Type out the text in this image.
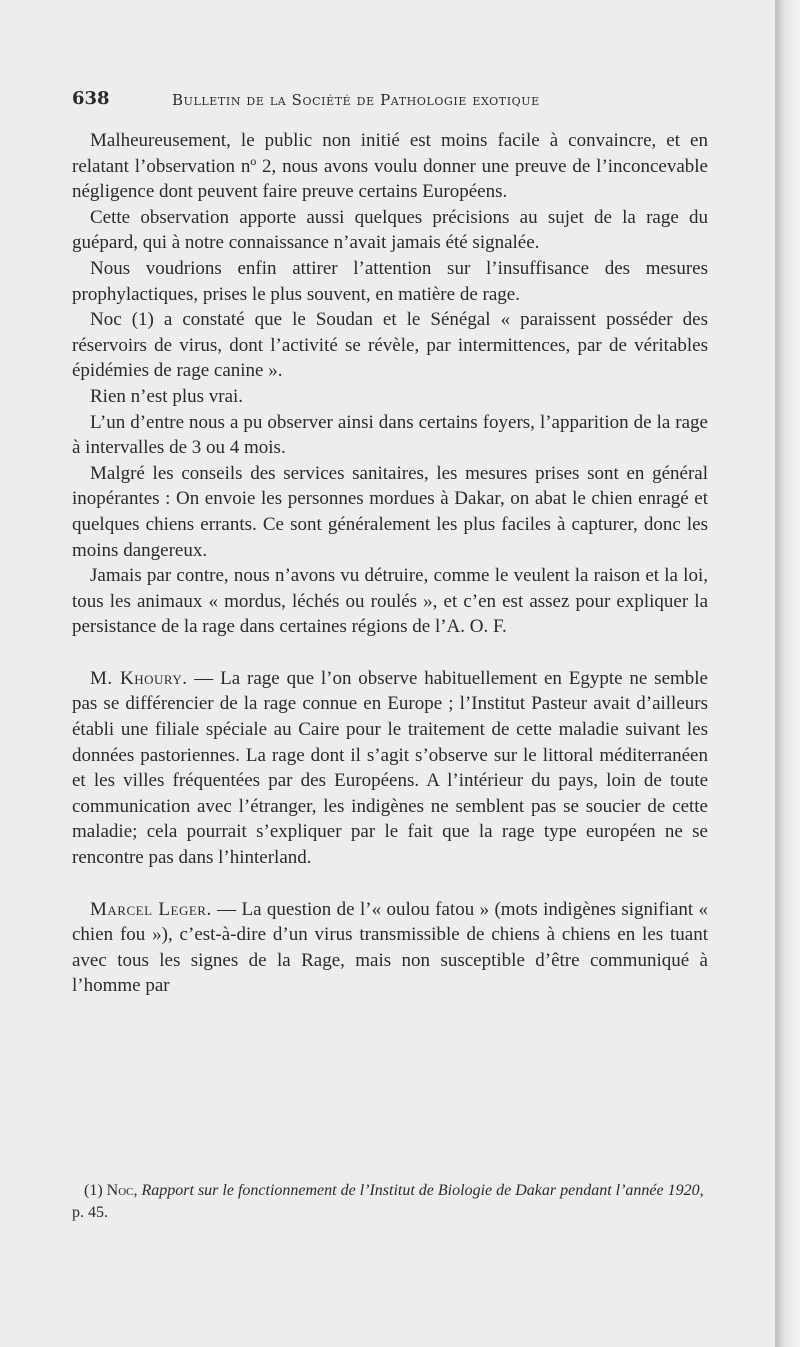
638	Bulletin de la Société de Pathologie exotique

Malheureusement, le public non initié est moins facile à convaincre, et en relatant l’observation nº 2, nous avons voulu donner une preuve de l’inconcevable négligence dont peuvent faire preuve certains Européens.

Cette observation apporte aussi quelques précisions au sujet de la rage du guépard, qui à notre connaissance n’avait jamais été signalée.

Nous voudrions enfin attirer l’attention sur l’insuffisance des mesures prophylactiques, prises le plus souvent, en matière de rage.

Noc (1) a constaté que le Soudan et le Sénégal « paraissent posséder des réservoirs de virus, dont l’activité se révèle, par intermittences, par de véritables épidémies de rage canine ».

Rien n’est plus vrai.

L’un d’entre nous a pu observer ainsi dans certains foyers, l’apparition de la rage à intervalles de 3 ou 4 mois.

Malgré les conseils des services sanitaires, les mesures prises sont en général inopérantes : On envoie les personnes mordues à Dakar, on abat le chien enragé et quelques chiens errants. Ce sont généralement les plus faciles à capturer, donc les moins dangereux.

Jamais par contre, nous n’avons vu détruire, comme le veulent la raison et la loi, tous les animaux « mordus, léchés ou roulés », et c’en est assez pour expliquer la persistance de la rage dans certaines régions de l’A. O. F.

M. Khoury. — La rage que l’on observe habituellement en Egypte ne semble pas se différencier de la rage connue en Europe ; l’Institut Pasteur avait d’ailleurs établi une filiale spéciale au Caire pour le traitement de cette maladie suivant les données pastoriennes. La rage dont il s’agit s’observe sur le littoral méditerranéen et les villes fréquentées par des Européens. A l’intérieur du pays, loin de toute communication avec l’étranger, les indigènes ne semblent pas se soucier de cette maladie; cela pourrait s’expliquer par le fait que la rage type européen ne se rencontre pas dans l’hinterland.

Marcel Leger. — La question de l’« oulou fatou » (mots indigènes signifiant « chien fou »), c’est-à-dire d’un virus transmissible de chiens à chiens en les tuant avec tous les signes de la Rage, mais non susceptible d’être communiqué à l’homme par

(1) Noc, Rapport sur le fonctionnement de l’Institut de Biologie de Dakar pendant l’année 1920, p. 45.
